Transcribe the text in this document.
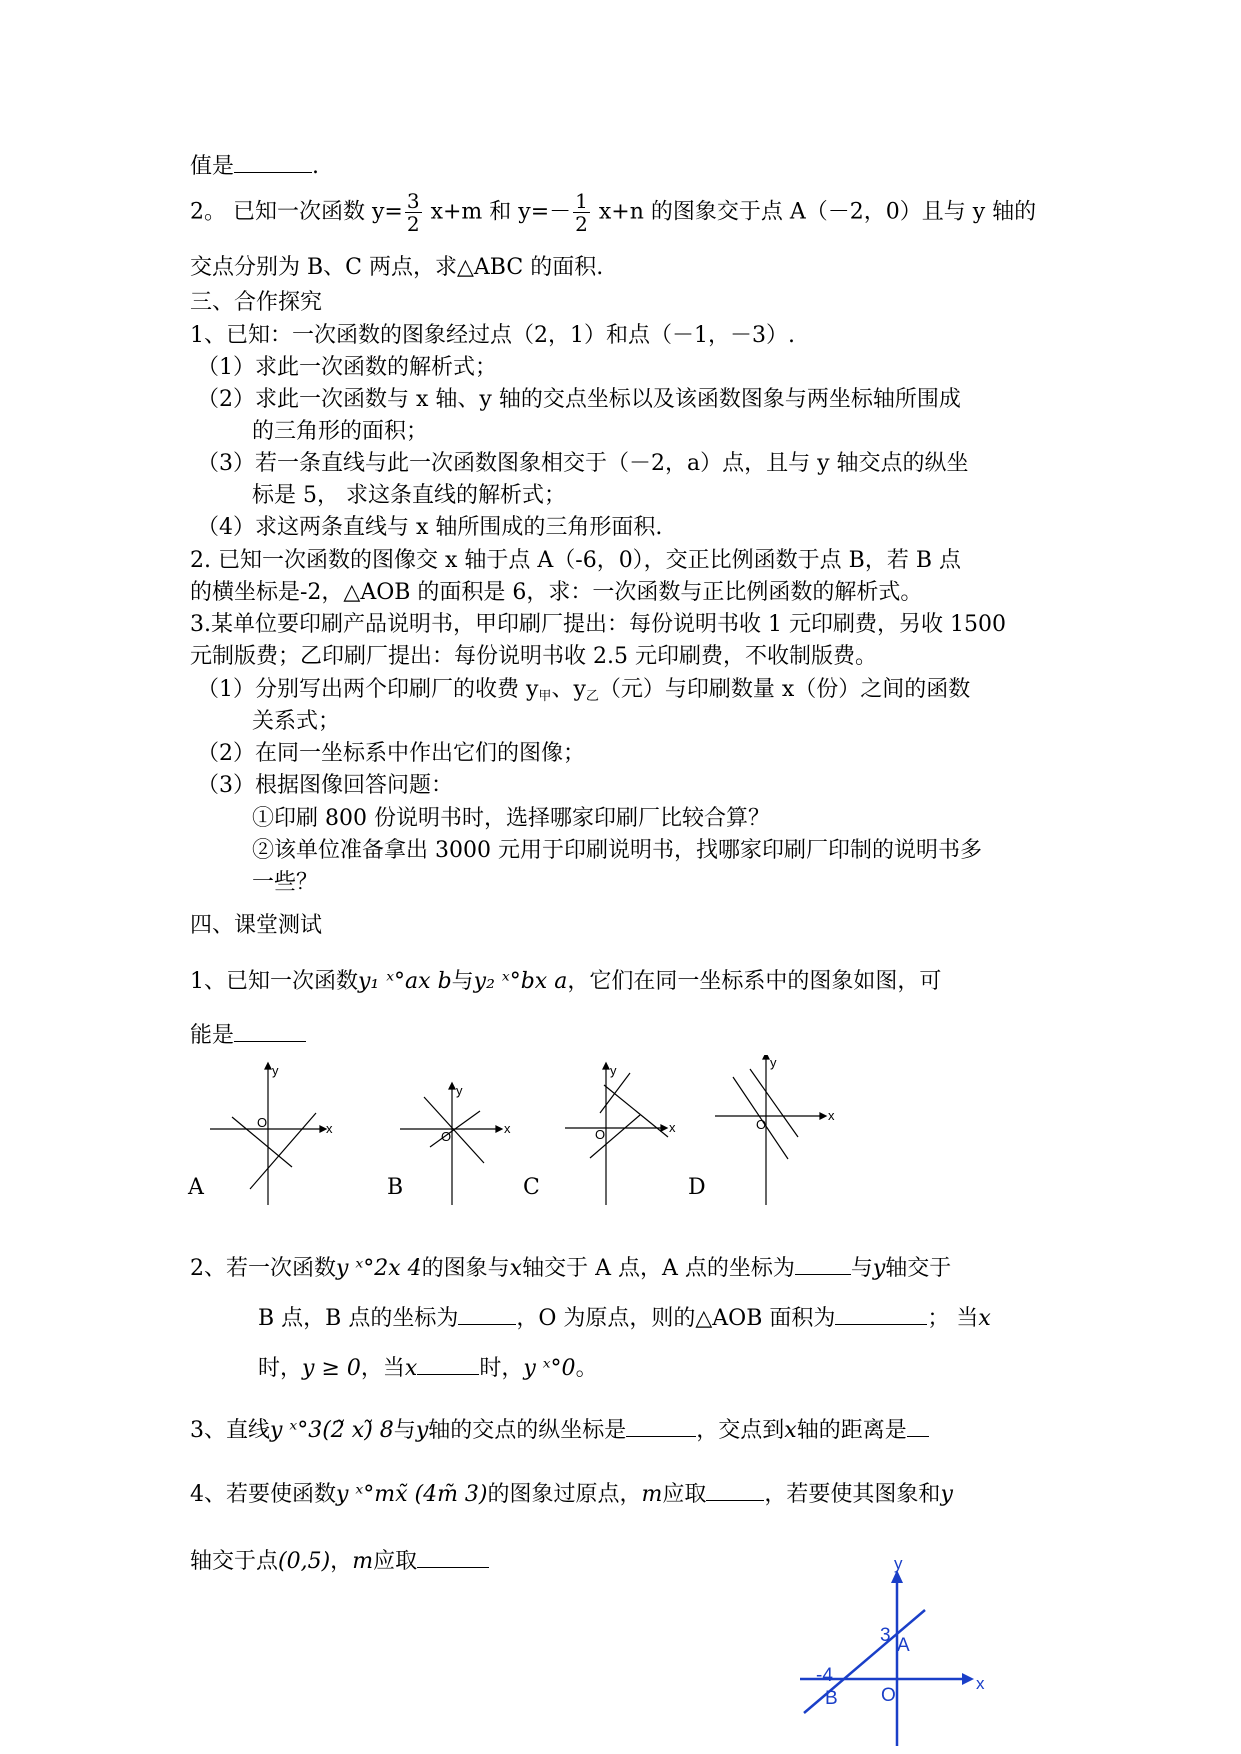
值是	.
2。 已知一次函数 $y= \frac{3}{2} x+m$ 和 $y=- \frac{1}{2} x+n$ 的图象交于点 A（－2，0）且与 y 轴的
交点分别为 B、C 两点，求△ABC 的面积.
三、合作探究
1、已知：一次函数的图象经过点（2，1）和点（－1，－3）.
（1）求此一次函数的解析式；
（2）求此一次函数与 x 轴、y 轴的交点坐标以及该函数图象与两坐标轴所围成
的三角形的面积；
（3）若一条直线与此一次函数图象相交于（－2，a）点，且与 y 轴交点的纵坐
标是 5， 求这条直线的解析式；
（4）求这两条直线与 x 轴所围成的三角形面积.
2. 已知一次函数的图像交 x 轴于点 A（-6，0），交正比例函数于点 B，若 B 点
的横坐标是-2，△AOB 的面积是 6，求：一次函数与正比例函数的解析式。
3.某单位要印刷产品说明书，甲印刷厂提出：每份说明书收 1 元印刷费，另收 1500
元制版费；乙印刷厂提出：每份说明书收 2.5 元印刷费，不收制版费。
（1）分别写出两个印刷厂的收费 $y_甲$、$y_乙$（元）与印刷数量 x（份）之间的函数
关系式；
（2）在同一坐标系中作出它们的图像；
（3）根据图像回答问题：
①印刷 800 份说明书时，选择哪家印刷厂比较合算？
②该单位准备拿出 3000 元用于印刷说明书，找哪家印刷厂印制的说明书多
一些？
四、课堂测试
1、已知一次函数y₁ ˣ°ax b与y₂ ˣ°bx a，它们在同一坐标系中的图象如图，可
能是
y
x
O
y
x
O
y
x
O
y
x
O
A	B	C	D
2、若一次函数y ˣ°2x 4的图象与x轴交于 A 点，A 点的坐标为	与y轴交于
B 点，B 点的坐标为	，O 为原点，则的△AOB 面积为	； 当x
时，y ≥ 0，当x	时，y ˣ°0。
3、直线y ˣ°3(2̃ x)̃ 8与y轴的交点的纵坐标是	，交点到x轴的距离是
4、若要使函数y ˣ°mx̃ (4m̃ 3)的图象过原点，m应取	，若要使其图象和y
轴交于点(0,5)，m应取	y
x
3 A
-4
B O
